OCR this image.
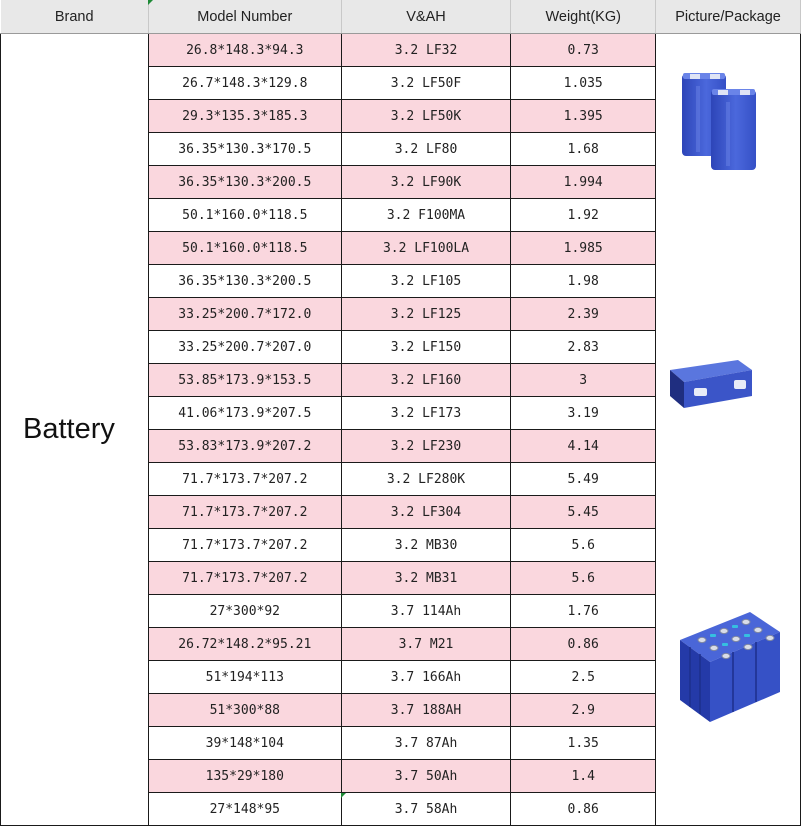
Brand	Model Number	V&AH	Weight(KG)	Picture/Package
Battery	26.8*148.3*94.3	3.2 LF32	0.73	
	26.7*148.3*129.8	3.2 LF50F	1.035	
	29.3*135.3*185.3	3.2 LF50K	1.395	
	36.35*130.3*170.5	3.2 LF80	1.68	
	36.35*130.3*200.5	3.2 LF90K	1.994	
	50.1*160.0*118.5	3.2 F100MA	1.92	
	50.1*160.0*118.5	3.2 LF100LA	1.985	
	36.35*130.3*200.5	3.2 LF105	1.98	
	33.25*200.7*172.0	3.2 LF125	2.39	
	33.25*200.7*207.0	3.2 LF150	2.83	
	53.85*173.9*153.5	3.2 LF160	3	
	41.06*173.9*207.5	3.2 LF173	3.19	
	53.83*173.9*207.2	3.2 LF230	4.14	
	71.7*173.7*207.2	3.2 LF280K	5.49	
	71.7*173.7*207.2	3.2 LF304	5.45	
	71.7*173.7*207.2	3.2 MB30	5.6	
	71.7*173.7*207.2	3.2 MB31	5.6	
	27*300*92	3.7 114Ah	1.76	
	26.72*148.2*95.21	3.7 M21	0.86	
	51*194*113	3.7 166Ah	2.5	
	51*300*88	3.7 188AH	2.9	
	39*148*104	3.7 87Ah	1.35	
	135*29*180	3.7 50Ah	1.4	
	27*148*95	3.7 58Ah	0.86	
